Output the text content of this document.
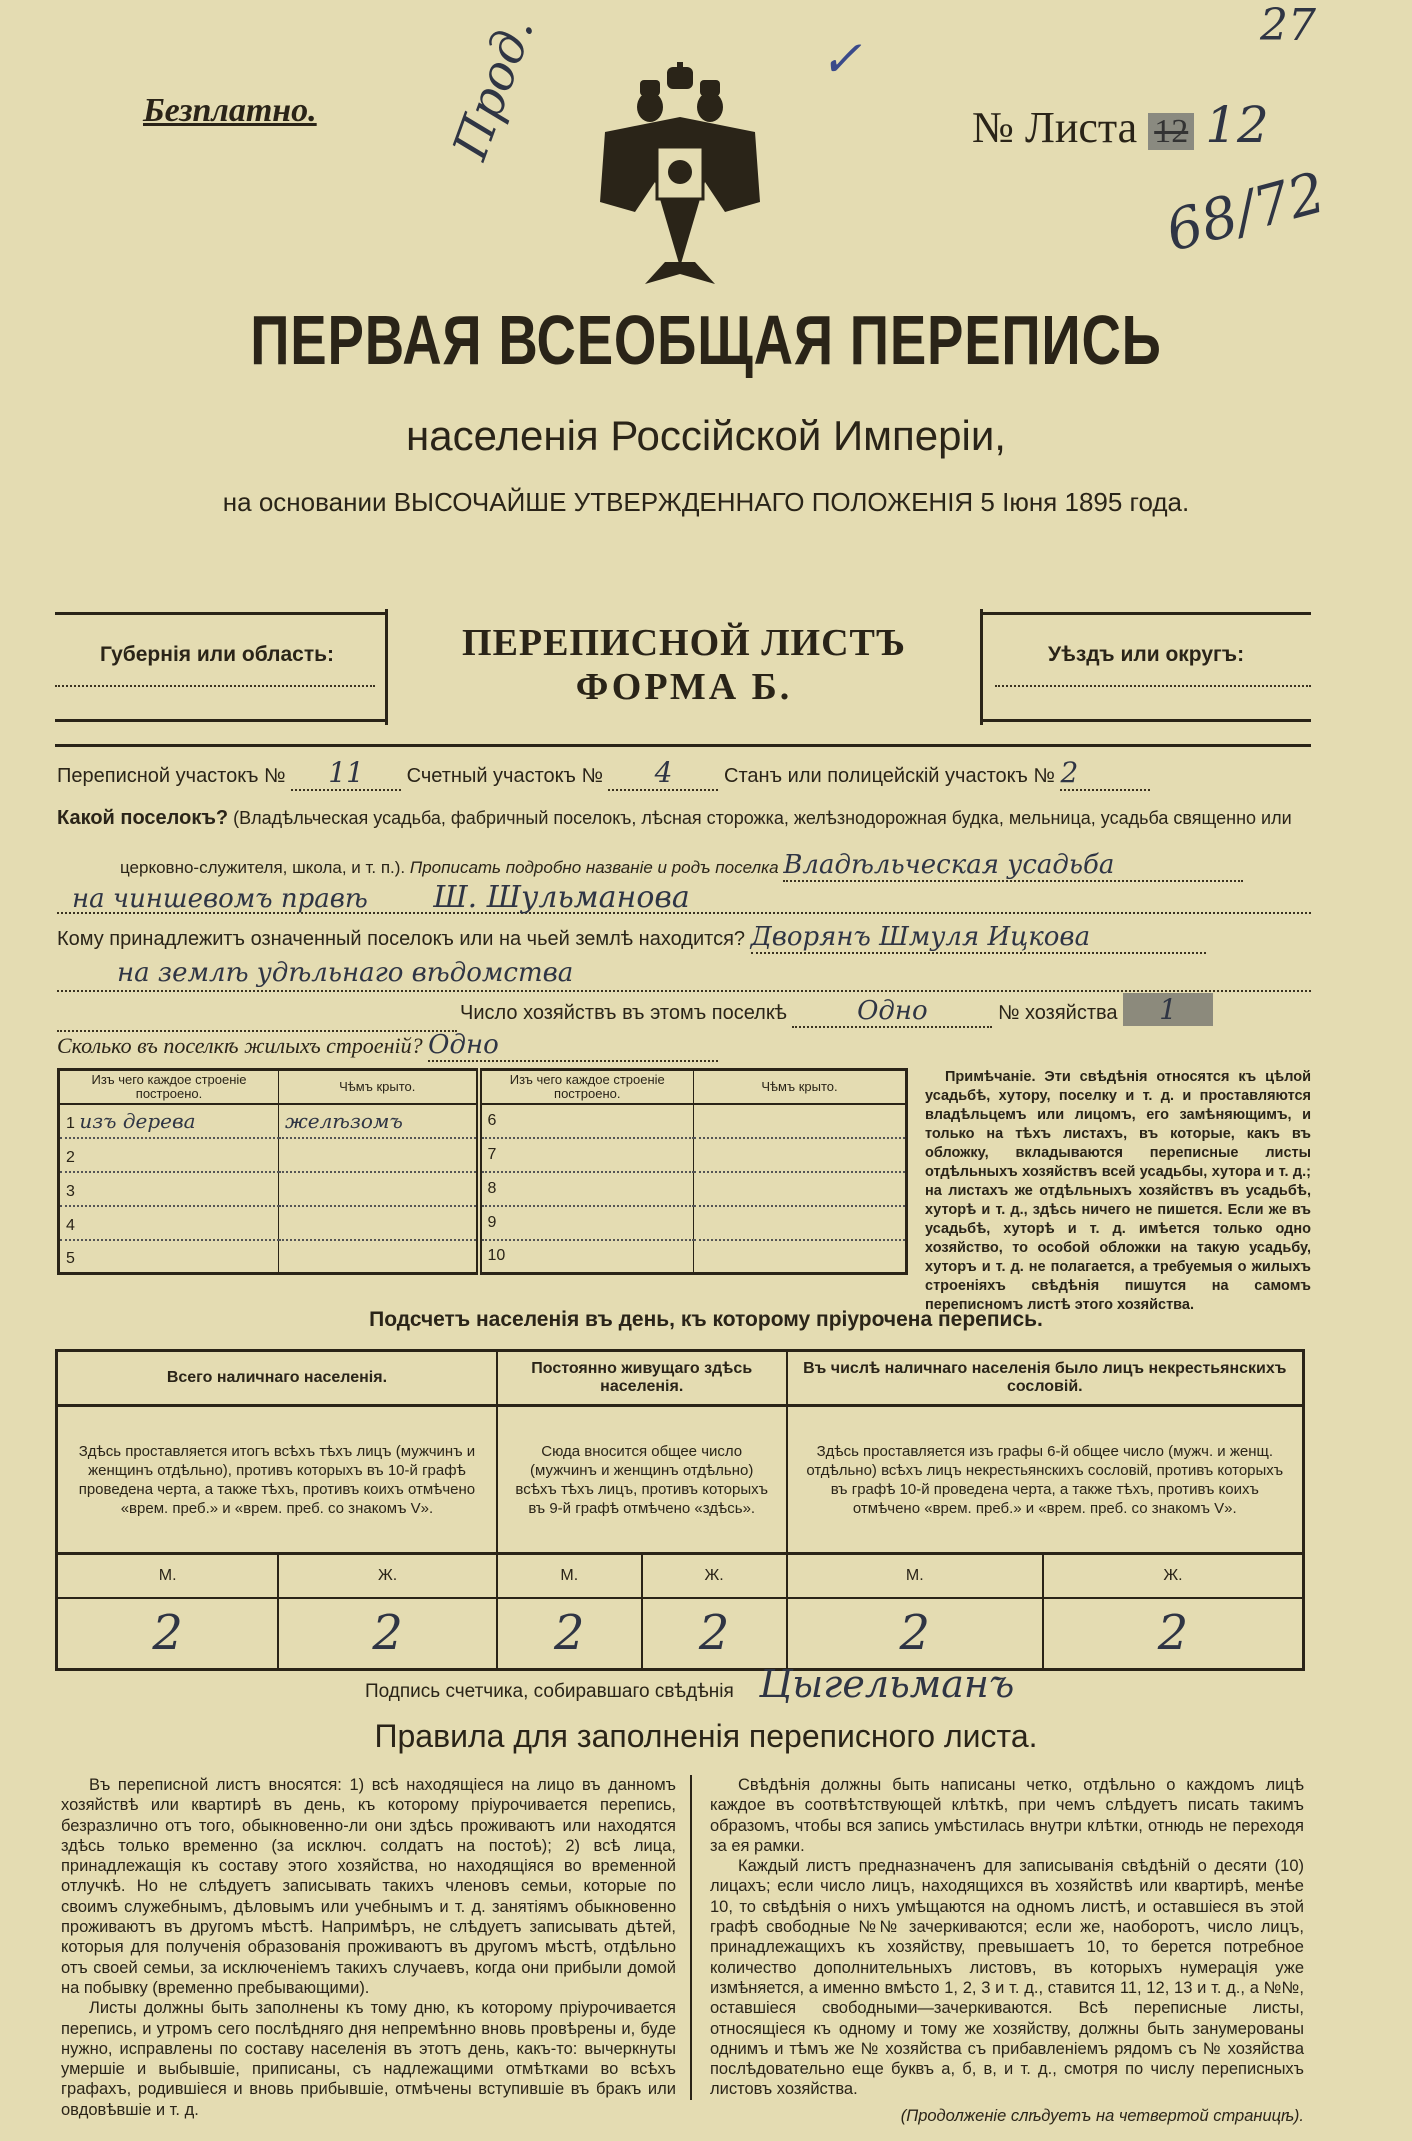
Безплатно.	Прод.	✓
27
68/72
№ Листа 12 12
ПЕРВАЯ ВСЕОБЩАЯ ПЕРЕПИСЬ
населенія Россійской Имперіи,
на основании ВЫСОЧАЙШЕ УТВЕРЖДЕННАГО ПОЛОЖЕНІЯ 5 Іюня 1895 года.
Губернія или область:	ПЕРЕПИСНОЙ ЛИСТЪ
ФОРМА Б.
Уѣздъ или округъ:
Переписной участокъ № 11 Счетный участокъ № 4	Станъ или полицейскій участокъ № 2
Какой поселокъ? (Владѣльческая усадьба, фабричный поселокъ, лѣсная сторожка, желѣзнодорожная будка, мельница, усадьба священно или
церковно-служителя, школа, и т. п.). Прописать подробно названіе и родъ поселка Владѣльческая усадьба
на чиншевомъ правѣ Ш. Шульманова
Кому принадлежитъ означенный поселокъ или на чьей землѣ находится? Дворянъ Шмуля Ицкова
на землѣ удѣльнаго вѣдомства
Число хозяйствъ въ этомъ поселкѣ	Одно	№ хозяйства 1
Сколько въ поселкѣ жилыхъ строеній? Одно
Изъ чего каждое строеніе построено.	Чѣмъ крыто.	Изъ чего каждое строеніе построено.	Чѣмъ крыто.
1 изъ дерева	желѣзомъ	6	
2		7	
3		8	
4		9	
5		10	
Примѣчаніе. Эти свѣдѣнія относятся къ цѣлой усадьбѣ, хутору, поселку и т. д. и проставляются владѣльцемъ или лицомъ, его замѣняющимъ, и только на тѣхъ листахъ, въ которые, какъ въ обложку, вкладываются переписные листы отдѣльныхъ хозяйствъ всей усадьбы, хутора и т. д.; на листахъ же отдѣльныхъ хозяйствъ въ усадьбѣ, хуторѣ и т. д., здѣсь ничего не пишется. Если же въ усадьбѣ, хуторѣ и т. д. имѣется только одно хозяйство, то особой обложки на такую усадьбу, хуторъ и т. д. не полагается, а требуемыя о жилыхъ строеніяхъ свѣдѣнія пишутся на самомъ переписномъ листѣ этого хозяйства.
Подсчетъ населенія въ день, къ которому пріурочена перепись.
Всего наличнаго населенія.		Постоянно живущаго здѣсь населенія.		Въ числѣ наличнаго населенія было лицъ некрестьянскихъ сословій.	
Здѣсь проставляется итогъ всѣхъ тѣхъ лицъ (мужчинъ и женщинъ отдѣльно), противъ которыхъ въ 10-й графѣ проведена черта, а также тѣхъ, противъ коихъ отмѣчено «врем. преб.» и «врем. преб. со знакомъ V».		Сюда вносится общее число (мужчинъ и женщинъ отдѣльно) всѣхъ тѣхъ лицъ, противъ которыхъ въ 9-й графѣ отмѣчено «здѣсь».		Здѣсь проставляется изъ графы 6-й общее число (мужч. и женщ. отдѣльно) всѣхъ лицъ некрестьянскихъ сословій, противъ которыхъ въ графѣ 10-й проведена черта, а также тѣхъ, противъ коихъ отмѣчено «врем. преб.» и «врем. преб. со знакомъ V».	
М.	Ж.	М.	Ж.	М.	Ж.
2	2	2	2	2	2
Подпись счетчика, собиравшаго свѣдѣнія Цыгельманъ
Правила для заполненія переписного листа.

Въ переписной листъ вносятся: 1) всѣ находящіеся на лицо въ данномъ хозяйствѣ или квартирѣ въ день, къ которому пріурочивается перепись, безразлично отъ того, обыкновенно-ли они здѣсь проживаютъ или находятся здѣсь только временно (за исключ. солдатъ на постоѣ); 2) всѣ лица, принадлежащія къ составу этого хозяйства, но находящіяся во временной отлучкѣ. Но не слѣдуетъ записывать такихъ членовъ семьи, которые по своимъ служебнымъ, дѣловымъ или учебнымъ и т. д. занятіямъ обыкновенно проживаютъ въ другомъ мѣстѣ. Напримѣръ, не слѣдуетъ записывать дѣтей, которыя для полученія образованія проживаютъ въ другомъ мѣстѣ, отдѣльно отъ своей семьи, за исключеніемъ такихъ случаевъ, когда они прибыли домой на побывку (временно пребывающими).

Листы должны быть заполнены къ тому дню, къ которому пріурочивается перепись, и утромъ сего послѣдняго дня непремѣнно вновь провѣрены и, буде нужно, исправлены по составу населенія въ этотъ день, какъ-то: вычеркнуты умершіе и выбывшіе, приписаны, съ надлежащими отмѣтками во всѣхъ графахъ, родившіеся и вновь прибывшіе, отмѣчены вступившіе въ бракъ или овдовѣвшіе и т. д.

Свѣдѣнія должны быть написаны четко, отдѣльно о каждомъ лицѣ каждое въ соотвѣтствующей клѣткѣ, при чемъ слѣдуетъ писать такимъ образомъ, чтобы вся запись умѣстилась внутри клѣтки, отнюдь не переходя за ея рамки.

Каждый листъ предназначенъ для записыванія свѣдѣній о десяти (10) лицахъ; если число лицъ, находящихся въ хозяйствѣ или квартирѣ, менѣе 10, то свѣдѣнія о нихъ умѣщаются на одномъ листѣ, и оставшіеся въ этой графѣ свободные №№ зачеркиваются; если же, наоборотъ, число лицъ, принадлежащихъ къ хозяйству, превышаетъ 10, то берется потребное количество дополнительныхъ листовъ, въ которыхъ нумерація уже измѣняется, а именно вмѣсто 1, 2, 3 и т. д., ставится 11, 12, 13 и т. д., а №№, оставшіеся свободными—зачеркиваются. Всѣ переписные листы, относящіеся къ одному и тому же хозяйству, должны быть занумерованы однимъ и тѣмъ же № хозяйства съ прибавленіемъ рядомъ съ № хозяйства послѣдовательно еще буквъ а, б, в, и т. д., смотря по числу переписныхъ листовъ хозяйства.

(Продолженіе слѣдуетъ на четвертой страницѣ).
